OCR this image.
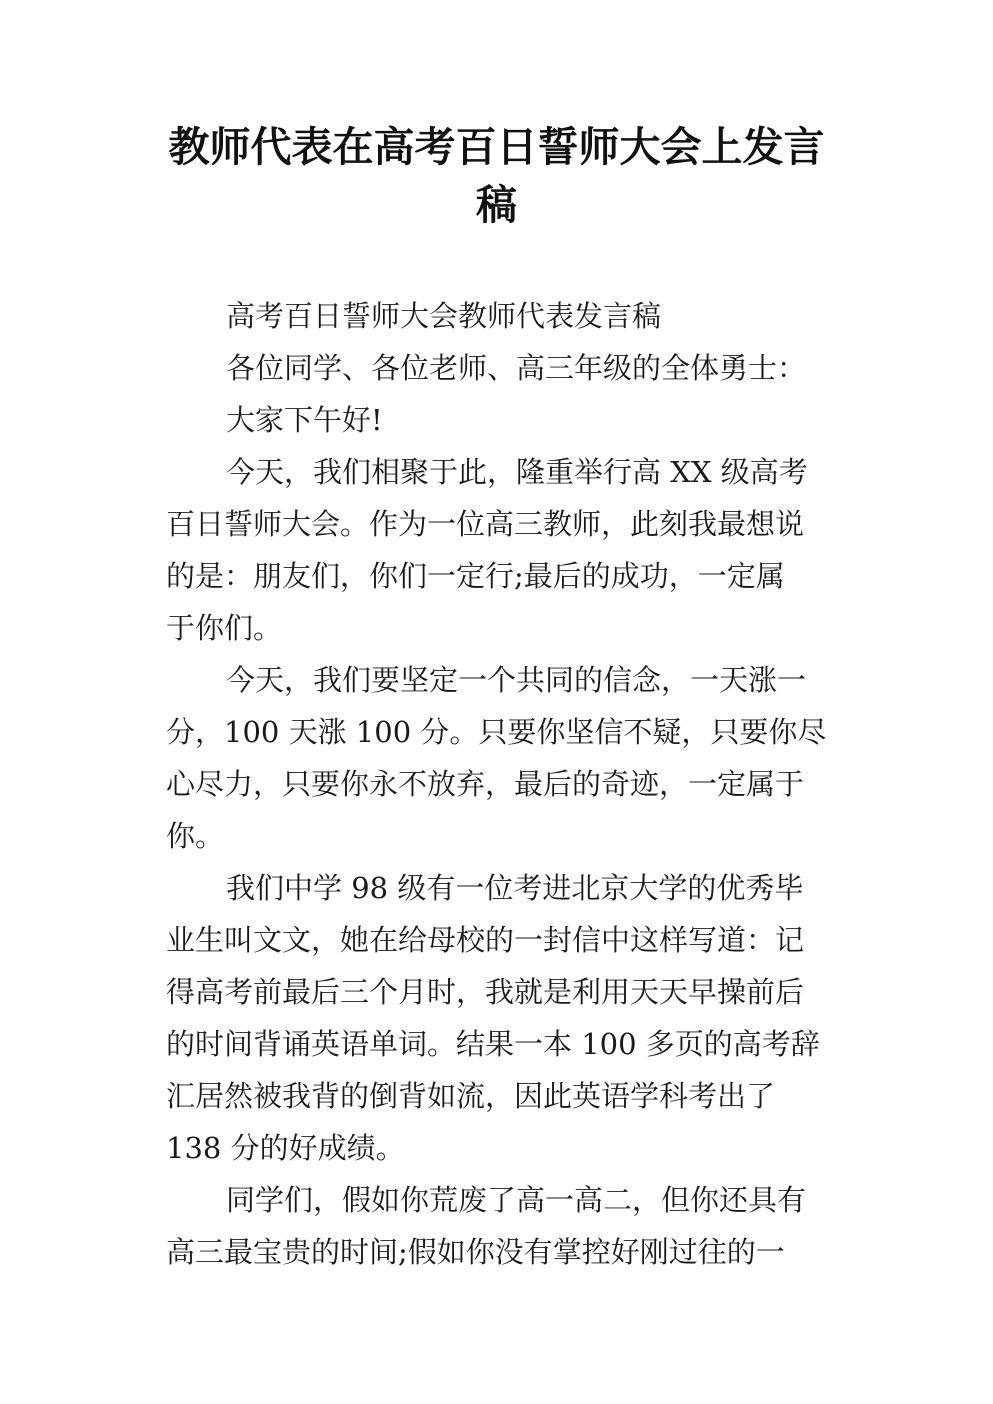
教师代表在高考百日誓师大会上发言稿
高考百日誓师大会教师代表发言稿
各位同学、各位老师、高三年级的全体勇士：
大家下午好!
今天，我们相聚于此，隆重举行高 XX 级高考
百日誓师大会。作为一位高三教师，此刻我最想说
的是：朋友们，你们一定行;最后的成功，一定属
于你们。
今天，我们要坚定一个共同的信念，一天涨一
分，100 天涨 100 分。只要你坚信不疑，只要你尽
心尽力，只要你永不放弃，最后的奇迹，一定属于
你。
我们中学 98 级有一位考进北京大学的优秀毕
业生叫文文，她在给母校的一封信中这样写道：记
得高考前最后三个月时，我就是利用天天早操前后
的时间背诵英语单词。结果一本 100 多页的高考辞
汇居然被我背的倒背如流，因此英语学科考出了
138 分的好成绩。
同学们，假如你荒废了高一高二，但你还具有
高三最宝贵的时间;假如你没有掌控好刚过往的一
